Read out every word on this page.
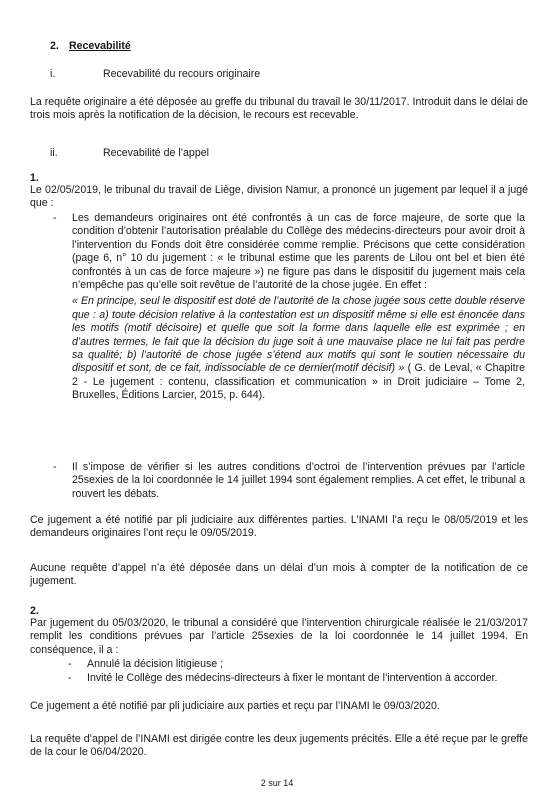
2. Recevabilité
i.	Recevabilité du recours originaire

La requête originaire a été déposée au greffe du tribunal du travail le 30/11/2017. Introduit dans le délai de trois mois après la notification de la décision, le recours est recevable.

ii.	Recevabilité de l’appel
1.

Le 02/05/2019, le tribunal du travail de Liège, division Namur, a prononcé un jugement par lequel il a jugé que :

- Les demandeurs originaires ont été confrontés à un cas de force majeure, de sorte que la condition d’obtenir l’autorisation préalable du Collège des médecins-directeurs pour avoir droit à l’intervention du Fonds doit être considérée comme remplie. Précisons que cette considération (page 6, n° 10 du jugement : « le tribunal estime que les parents de Lilou ont bel et bien été confrontés à un cas de force majeure ») ne figure pas dans le dispositif du jugement mais cela n’empêche pas qu’elle soit revêtue de l’autorité de la chose jugée. En effet :

« En principe, seul le dispositif est doté de l’autorité de la chose jugée sous cette double réserve que : a) toute décision relative à la contestation est un dispositif même si elle est énoncée dans les motifs (motif décisoire) et quelle que soit la forme dans laquelle elle est exprimée ; en d’autres termes, le fait que la décision du juge soit à une mauvaise place ne lui fait pas perdre sa qualité; b) l’autorité de chose jugée s’étend aux motifs qui sont le soutien nécessaire du dispositif et sont, de ce fait, indissociable de ce dernier(motif décisif) » ( G. de Leval, « Chapitre 2 - Le jugement : contenu, classification et communication » in Droit judiciaire – Tome 2, Bruxelles, Éditions Larcier, 2015, p. 644).

- Il s’impose de vérifier si les autres conditions d’octroi de l’intervention prévues par l’article 25sexies de la loi coordonnée le 14 juillet 1994 sont également remplies. A cet effet, le tribunal a rouvert les débats.

Ce jugement a été notifié par pli judiciaire aux différentes parties. L’INAMI l’a reçu le 08/05/2019 et les demandeurs originaires l’ont reçu le 09/05/2019.

Aucune requête d’appel n’a été déposée dans un délai d’un mois à compter de la notification de ce jugement.

2.

Par jugement du 05/03/2020, le tribunal a considéré que l’intervention chirurgicale réalisée le 21/03/2017 remplit les conditions prévues par l’article 25sexies de la loi coordonnée le 14 juillet 1994. En conséquence, il a :

- Annulé la décision litigieuse ;
- Invité le Collège des médecins-directeurs à fixer le montant de l’intervention à accorder.

Ce jugement a été notifié par pli judiciaire aux parties et reçu par l’INAMI le 09/03/2020.

La requête d’appel de l’INAMI est dirigée contre les deux jugements précités. Elle a été reçue par le greffe de la cour le 06/04/2020.

2 sur 14
